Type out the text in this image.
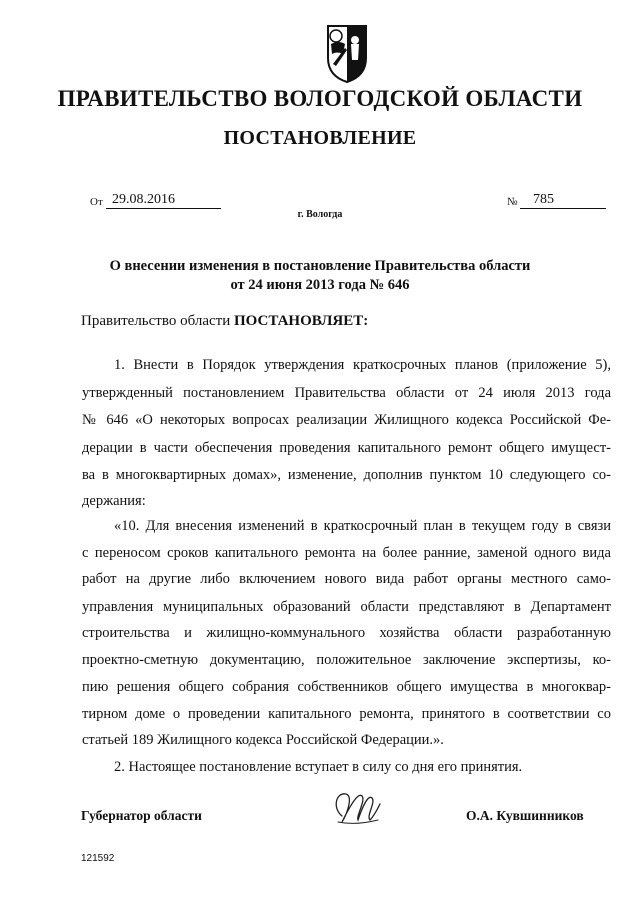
ПРАВИТЕЛЬСТВО ВОЛОГОДСКОЙ ОБЛАСТИ
ПОСТАНОВЛЕНИЕ
От 29.08.2016	№ 785
г. Вологда
О внесении изменения в постановление Правительства области
от 24 июня 2013 года № 646
Правительство области ПОСТАНОВЛЯЕТ:
1. Внести в Порядок утверждения краткосрочных планов (приложение 5),
утвержденный постановлением Правительства области от 24 июля 2013 года
№ 646 «О некоторых вопросах реализации Жилищного кодекса Российской Фе-
дерации в части обеспечения проведения капитального ремонт общего имущест-
ва в многоквартирных домах», изменение, дополнив пунктом 10 следующего со-
держания:
«10. Для внесения изменений в краткосрочный план в текущем году в связи
с переносом сроков капитального ремонта на более ранние, заменой одного вида
работ на другие либо включением нового вида работ органы местного само-
управления муниципальных образований области представляют в Департамент
строительства и жилищно-коммунального хозяйства области разработанную
проектно-сметную документацию, положительное заключение экспертизы, ко-
пию решения общего собрания собственников общего имущества в многоквар-
тирном доме о проведении капитального ремонта, принятого в соответствии со
статьей 189 Жилищного кодекса Российской Федерации.».
2. Настоящее постановление вступает в силу со дня его принятия.
Губернатор области	О.А. Кувшинников
121592
